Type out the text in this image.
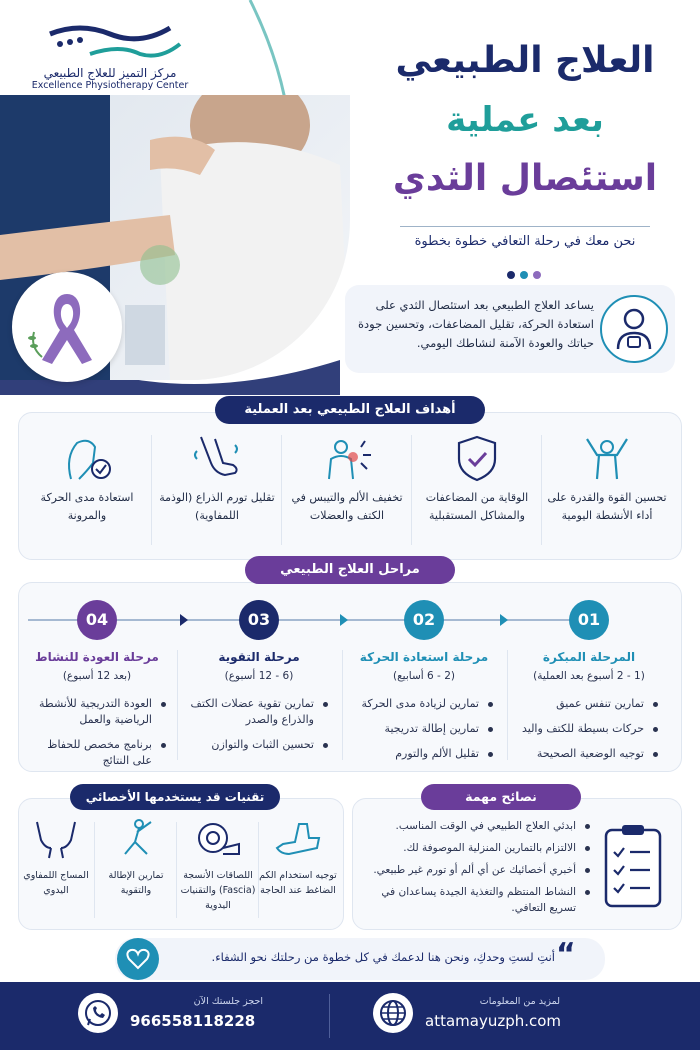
مركز التميز للعلاج الطبيعي
Excellence Physiotherapy Center
العلاج الطبيعي
بعد عملية
استئصال الثدي
نحن معك في رحلة التعافي خطوة بخطوة
يساعد العلاج الطبيعي بعد استئصال الثدي على استعادة الحركة، تقليل المضاعفات، وتحسين جودة حياتك والعودة الآمنة لنشاطك اليومي.
أهداف العلاج الطبيعي بعد العملية

تحسين القوة والقدرة على أداء الأنشطة اليومية

الوقاية من المضاعفات والمشاكل المستقبلية

تخفيف الألم والتيبس في الكتف والعضلات

تقليل تورم الذراع (الوذمة اللمفاوية)

استعادة مدى الحركة والمرونة

مراحل العلاج الطبيعي
01
المرحلة المبكرة
(1 - 2 أسبوع بعد العملية)
تمارين تنفس عميق
حركات بسيطة للكتف واليد
توجيه الوضعية الصحيحة
02
مرحلة استعادة الحركة
(2 - 6 أسابيع)
تمارين لزيادة مدى الحركة
تمارين إطالة تدريجية
تقليل الألم والتورم
03
مرحلة التقوية
(6 - 12 أسبوع)
تمارين تقوية عضلات الكتف والذراع والصدر
تحسين الثبات والتوازن
04
مرحلة العودة للنشاط
(بعد 12 أسبوع)
العودة التدريجية للأنشطة الرياضية والعمل
برنامج مخصص للحفاظ على النتائج
نصائح مهمة
ابدئي العلاج الطبيعي في الوقت المناسب.
الالتزام بالتمارين المنزلية الموصوفة لك.
أخبري أخصائيك عن أي ألم أو تورم غير طبيعي.
النشاط المنتظم والتغذية الجيدة يساعدان في تسريع التعافي.
تقنيات قد يستخدمها الأخصائي

توجيه استخدام الكم الضاغط عند الحاجة

اللصاقات الأنسجة (Fascia) والتقنيات اليدوية

تمارين الإطالة والتقوية

المساج اللمفاوي اليدوي

أنتِ لستِ وحدكِ، ونحن هنا لدعمك في كل خطوة من رحلتك نحو الشفاء. “
لمزيد من المعلومات
attamayuzph.com
احجز جلستك الآن
966558118228
